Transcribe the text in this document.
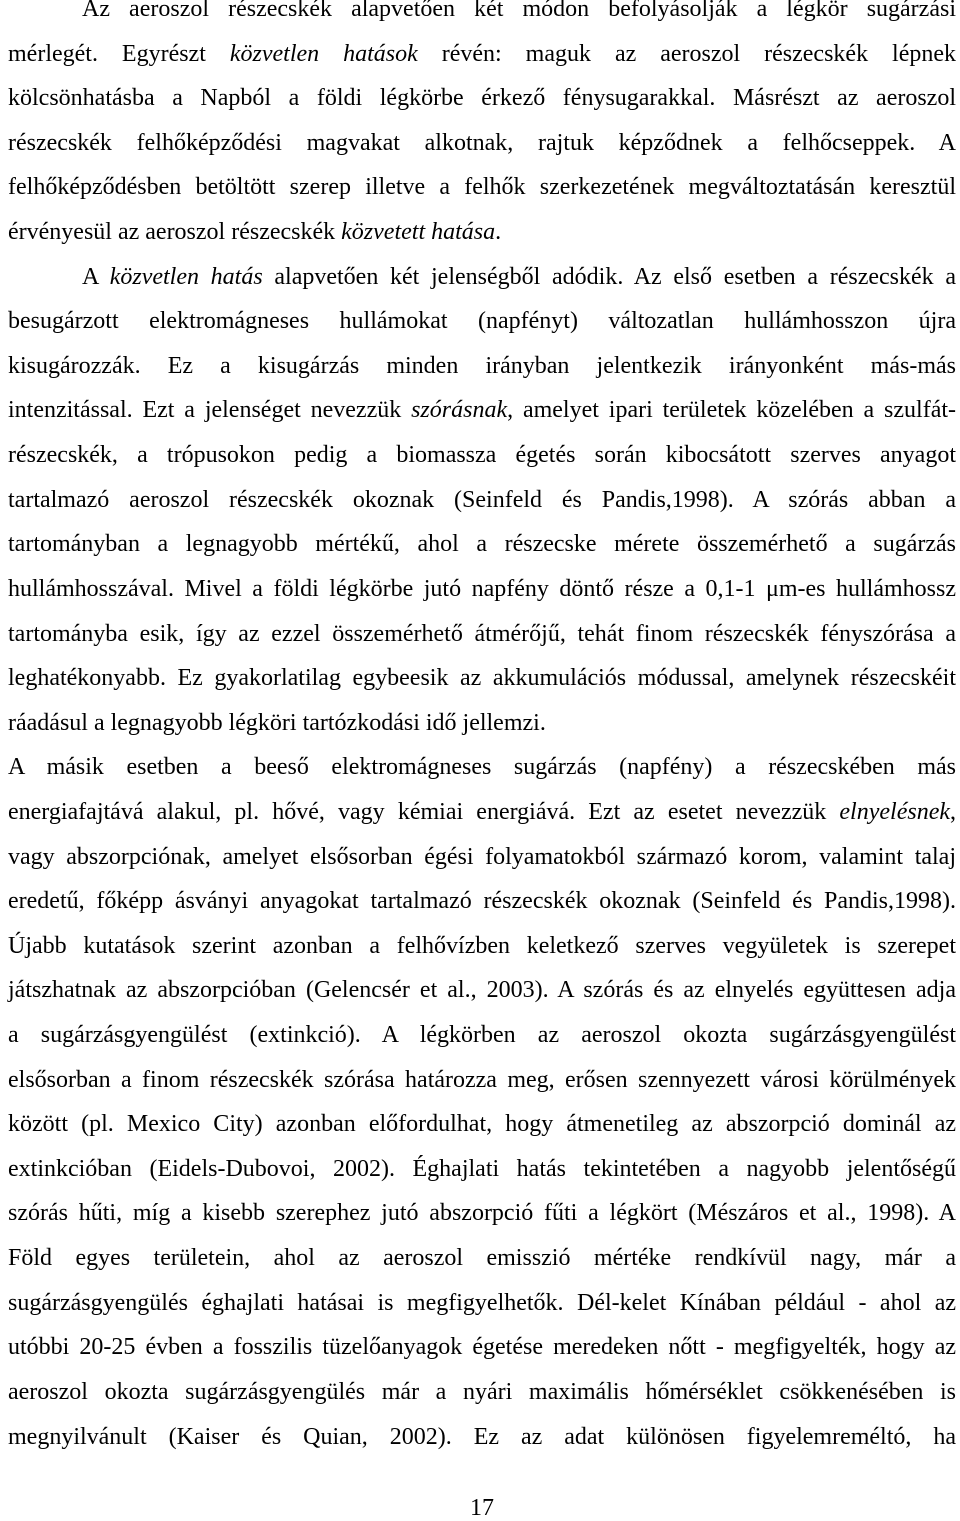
Az aeroszol részecskék alapvetően két módon befolyásolják a légkör sugárzási
mérlegét. Egyrészt közvetlen hatások révén: maguk az aeroszol részecskék lépnek
kölcsönhatásba a Napból a földi légkörbe érkező fénysugarakkal. Másrészt az aeroszol
részecskék felhőképződési magvakat alkotnak, rajtuk képződnek a felhőcseppek. A
felhőképződésben betöltött szerep illetve a felhők szerkezetének megváltoztatásán keresztül
érvényesül az aeroszol részecskék közvetett hatása.
A közvetlen hatás alapvetően két jelenségből adódik. Az első esetben a részecskék a
besugárzott elektromágneses hullámokat (napfényt) változatlan hullámhosszon újra
kisugározzák. Ez a kisugárzás minden irányban jelentkezik irányonként más-más
intenzitással. Ezt a jelenséget nevezzük szórásnak, amelyet ipari területek közelében a szulfát-
részecskék, a trópusokon pedig a biomassza égetés során kibocsátott szerves anyagot
tartalmazó aeroszol részecskék okoznak (Seinfeld és Pandis,1998). A szórás abban a
tartományban a legnagyobb mértékű, ahol a részecske mérete összemérhető a sugárzás
hullámhosszával. Mivel a földi légkörbe jutó napfény döntő része a 0,1-1 μm-es hullámhossz
tartományba esik, így az ezzel összemérhető átmérőjű, tehát finom részecskék fényszórása a
leghatékonyabb. Ez gyakorlatilag egybeesik az akkumulációs módussal, amelynek részecskéit
ráadásul a legnagyobb légköri tartózkodási idő jellemzi.
A másik esetben a beeső elektromágneses sugárzás (napfény) a részecskében más
energiafajtává alakul, pl. hővé, vagy kémiai energiává. Ezt az esetet nevezzük elnyelésnek,
vagy abszorpciónak, amelyet elsősorban égési folyamatokból származó korom, valamint talaj
eredetű, főképp ásványi anyagokat tartalmazó részecskék okoznak (Seinfeld és Pandis,1998).
Újabb kutatások szerint azonban a felhővízben keletkező szerves vegyületek is szerepet
játszhatnak az abszorpcióban (Gelencsér et al., 2003). A szórás és az elnyelés együttesen adja
a sugárzásgyengülést (extinkció). A légkörben az aeroszol okozta sugárzásgyengülést
elsősorban a finom részecskék szórása határozza meg, erősen szennyezett városi körülmények
között (pl. Mexico City) azonban előfordulhat, hogy átmenetileg az abszorpció dominál az
extinkcióban (Eidels-Dubovoi, 2002). Éghajlati hatás tekintetében a nagyobb jelentőségű
szórás hűti, míg a kisebb szerephez jutó abszorpció fűti a légkört (Mészáros et al., 1998). A
Föld egyes területein, ahol az aeroszol emisszió mértéke rendkívül nagy, már a
sugárzásgyengülés éghajlati hatásai is megfigyelhetők. Dél-kelet Kínában például - ahol az
utóbbi 20-25 évben a fosszilis tüzelőanyagok égetése meredeken nőtt - megfigyelték, hogy az
aeroszol okozta sugárzásgyengülés már a nyári maximális hőmérséklet csökkenésében is
megnyilvánult (Kaiser és Quian, 2002). Ez az adat különösen figyelemreméltó, ha
17
